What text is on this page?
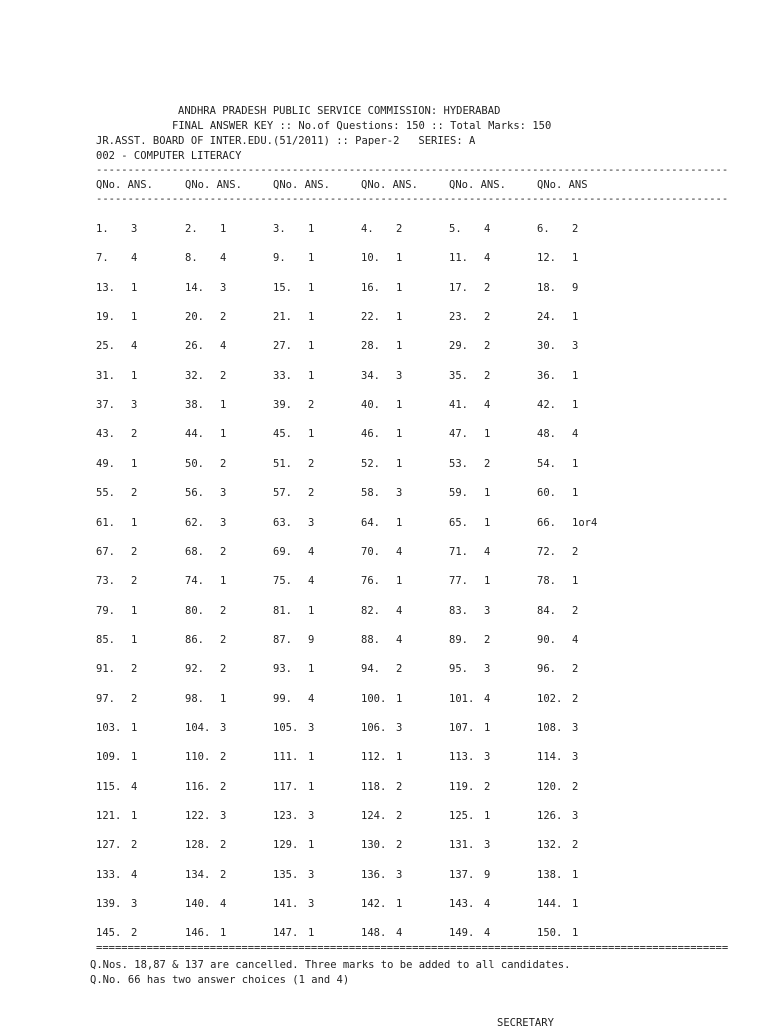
ANDHRA PRADESH PUBLIC SERVICE COMMISSION: HYDERABAD
FINAL ANSWER KEY :: No.of Questions: 150 :: Total Marks: 150
JR.ASST. BOARD OF INTER.EDU.(51/2011) :: Paper-2   SERIES: A
002 - COMPUTER LITERACY
----------------------------------------------------------------------------------------------------
QNo. ANS.	QNo. ANS.	QNo. ANS.	QNo. ANS.	QNo. ANS.	QNo. ANS
----------------------------------------------------------------------------------------------------
1. 3	2. 1	3. 1	4. 2	5. 4	6. 2
7. 4	8. 4	9. 1	10. 1	11. 4	12. 1
13. 1	14. 3	15. 1	16. 1	17. 2	18. 9
19. 1	20. 2	21. 1	22. 1	23. 2	24. 1
25. 4	26. 4	27. 1	28. 1	29. 2	30. 3
31. 1	32. 2	33. 1	34. 3	35. 2	36. 1
37. 3	38. 1	39. 2	40. 1	41. 4	42. 1
43. 2	44. 1	45. 1	46. 1	47. 1	48. 4
49. 1	50. 2	51. 2	52. 1	53. 2	54. 1
55. 2	56. 3	57. 2	58. 3	59. 1	60. 1
61. 1	62. 3	63. 3	64. 1	65. 1	66. 1or4
67. 2	68. 2	69. 4	70. 4	71. 4	72. 2
73. 2	74. 1	75. 4	76. 1	77. 1	78. 1
79. 1	80. 2	81. 1	82. 4	83. 3	84. 2
85. 1	86. 2	87. 9	88. 4	89. 2	90. 4
91. 2	92. 2	93. 1	94. 2	95. 3	96. 2
97. 2	98. 1	99. 4	100. 1	101. 4	102. 2
103. 1	104. 3	105. 3	106. 3	107. 1	108. 3
109. 1	110. 2	111. 1	112. 1	113. 3	114. 3
115. 4	116. 2	117. 1	118. 2	119. 2	120. 2
121. 1	122. 3	123. 3	124. 2	125. 1	126. 3
127. 2	128. 2	129. 1	130. 2	131. 3	132. 2
133. 4	134. 2	135. 3	136. 3	137. 9	138. 1
139. 3	140. 4	141. 3	142. 1	143. 4	144. 1
145. 2	146. 1	147. 1	148. 4	149. 4	150. 1
====================================================================================================
Q.Nos. 18,87 & 137 are cancelled. Three marks to be added to all candidates.
Q.No. 66 has two answer choices (1 and 4)
SECRETARY
